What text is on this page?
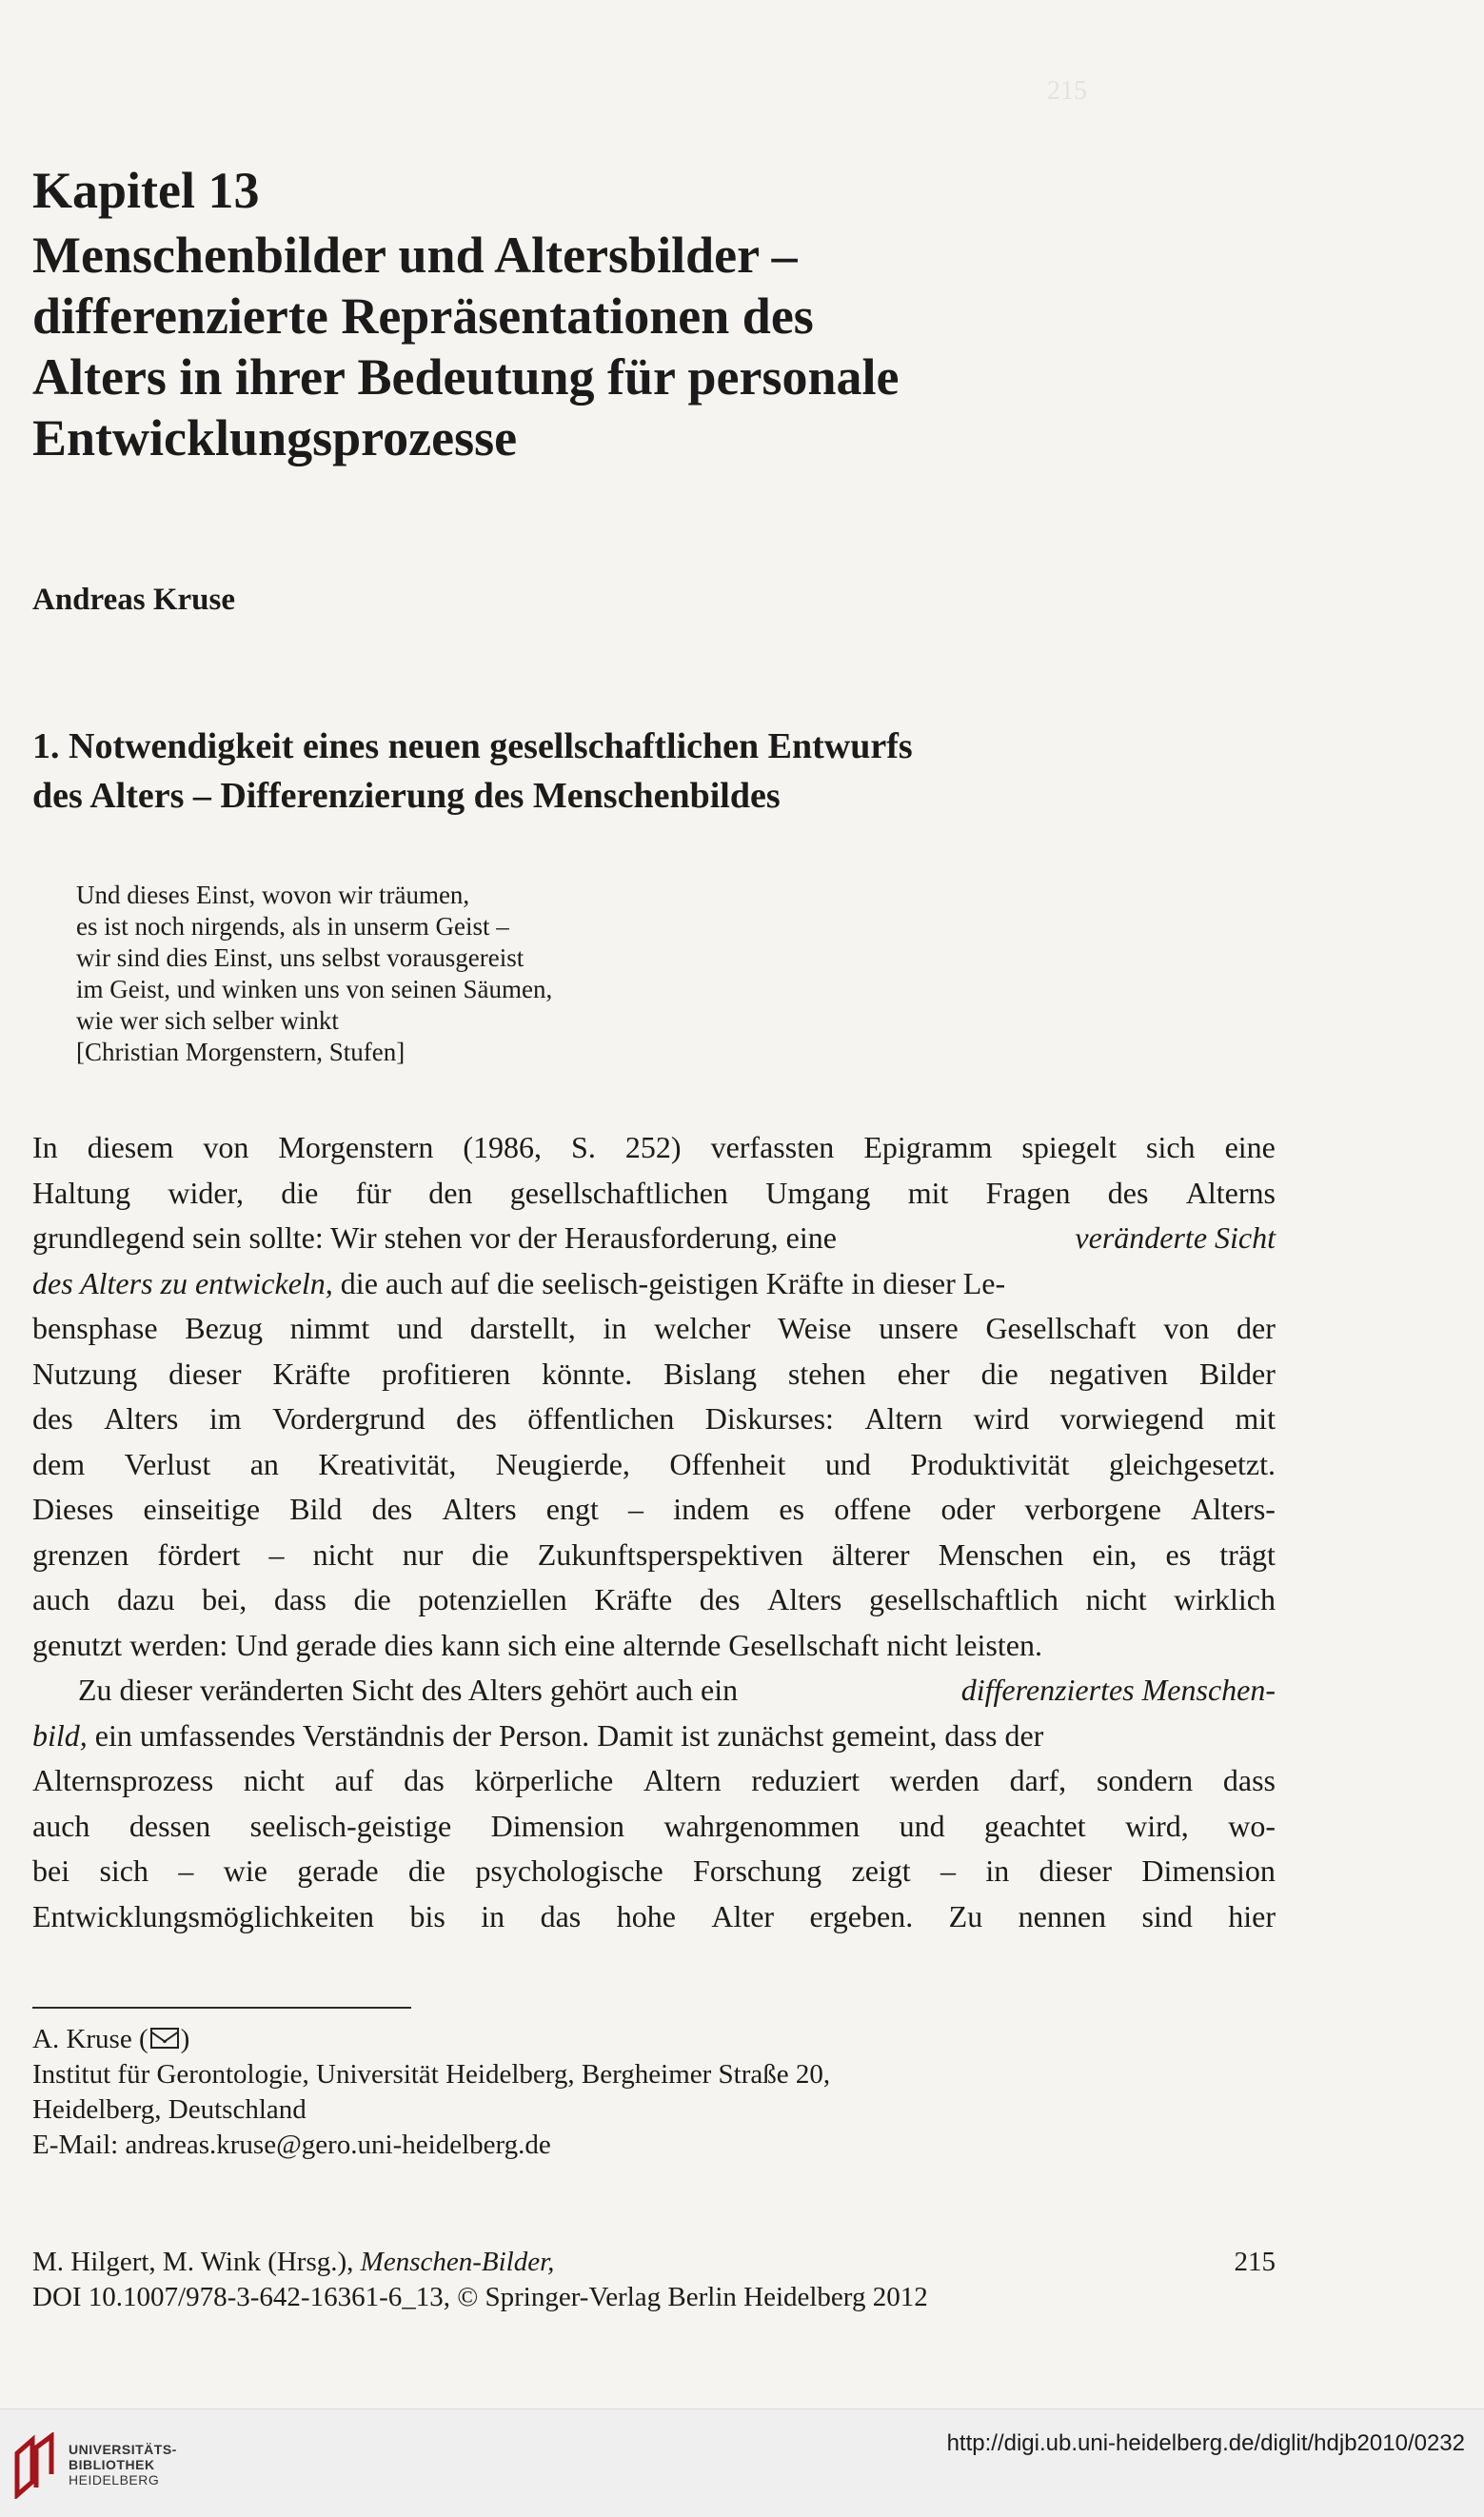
215
Kapitel 13
Menschenbilder und Altersbilder –
differenzierte Repräsentationen des
Alters in ihrer Bedeutung für personale
Entwicklungsprozesse
Andreas Kruse
1. Notwendigkeit eines neuen gesellschaftlichen Entwurfs
des Alters – Differenzierung des Menschenbildes
Und dieses Einst, wovon wir träumen,
es ist noch nirgends, als in unserm Geist –
wir sind dies Einst, uns selbst vorausgereist
im Geist, und winken uns von seinen Säumen,
wie wer sich selber winkt
[Christian Morgenstern, Stufen]
In diesem von Morgenstern (1986, S. 252) verfassten Epigramm spiegelt sich eine
Haltung wider, die für den gesellschaftlichen Umgang mit Fragen des Alterns
grundlegend sein sollte: Wir stehen vor der Herausforderung, eine	veränderte Sicht
des Alters zu entwickeln, die auch auf die seelisch-geistigen Kräfte in dieser Le-
bensphase Bezug nimmt und darstellt, in welcher Weise unsere Gesellschaft von der
Nutzung dieser Kräfte profitieren könnte. Bislang stehen eher die negativen Bilder
des Alters im Vordergrund des öffentlichen Diskurses: Altern wird vorwiegend mit
dem Verlust an Kreativität, Neugierde, Offenheit und Produktivität gleichgesetzt.
Dieses einseitige Bild des Alters engt – indem es offene oder verborgene Alters-
grenzen fördert – nicht nur die Zukunftsperspektiven älterer Menschen ein, es trägt
auch dazu bei, dass die potenziellen Kräfte des Alters gesellschaftlich nicht wirklich
genutzt werden: Und gerade dies kann sich eine alternde Gesellschaft nicht leisten.
Zu dieser veränderten Sicht des Alters gehört auch ein	differenziertes Menschen-
bild, ein umfassendes Verständnis der Person. Damit ist zunächst gemeint, dass der
Alternsprozess nicht auf das körperliche Altern reduziert werden darf, sondern dass
auch dessen seelisch-geistige Dimension wahrgenommen und geachtet wird, wo-
bei sich – wie gerade die psychologische Forschung zeigt – in dieser Dimension
Entwicklungsmöglichkeiten bis in das hohe Alter ergeben. Zu nennen sind hier
A. Kruse ( )
Institut für Gerontologie, Universität Heidelberg, Bergheimer Straße 20,
Heidelberg, Deutschland
E-Mail: andreas.kruse@gero.uni-heidelberg.de
M. Hilgert, M. Wink (Hrsg.), Menschen-Bilder,	215
DOI 10.1007/978-3-642-16361-6_13, © Springer-Verlag Berlin Heidelberg 2012
UNIVERSITÄTS-
BIBLIOTHEK
HEIDELBERG
http://digi.ub.uni-heidelberg.de/diglit/hdjb2010/0232
